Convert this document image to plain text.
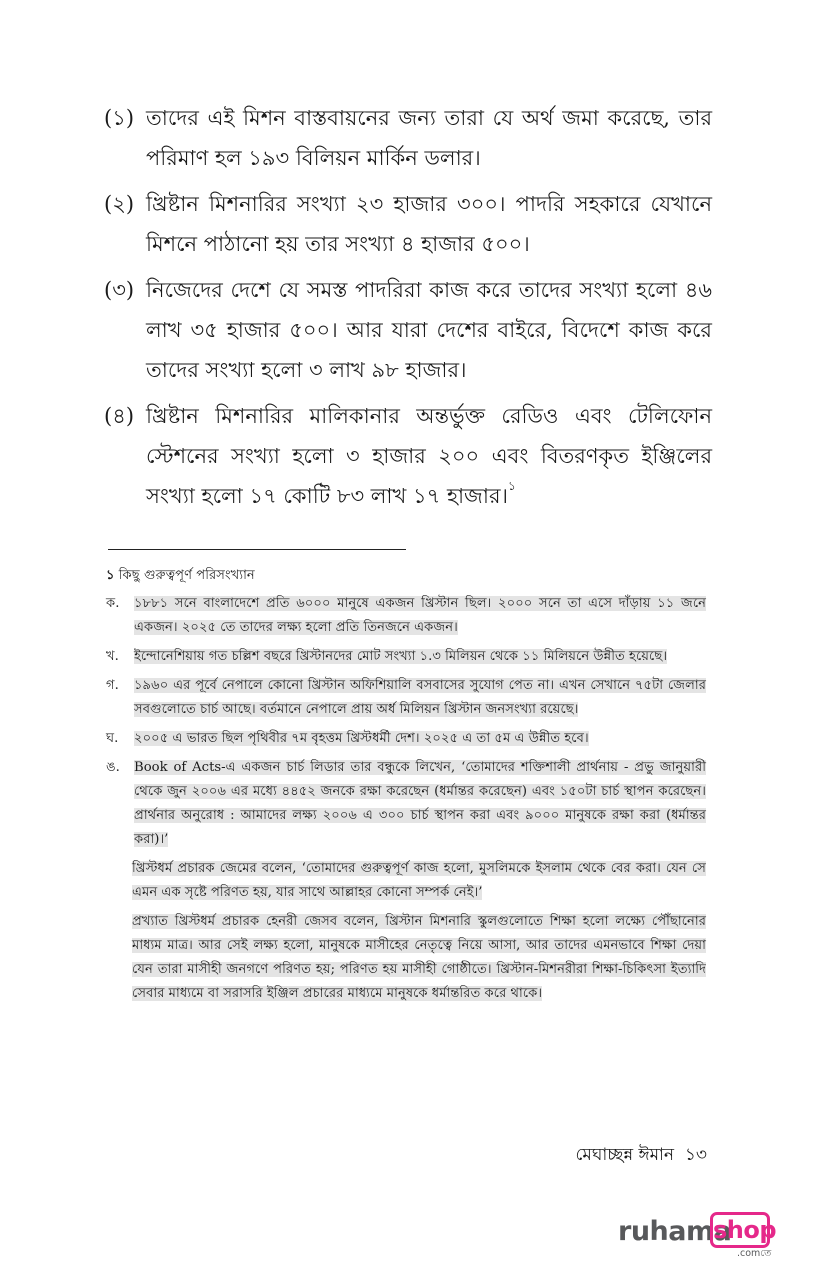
(১) তাদের এই মিশন বাস্তবায়নের জন্য তারা যে অর্থ জমা করেছে, তার পরিমাণ হল ১৯৩ বিলিয়ন মার্কিন ডলার।
(২) খ্রিষ্টান মিশনারির সংখ্যা ২৩ হাজার ৩০০। পাদরি সহকারে যেখানে মিশনে পাঠানো হয় তার সংখ্যা ৪ হাজার ৫০০।
(৩) নিজেদের দেশে যে সমস্ত পাদরিরা কাজ করে তাদের সংখ্যা হলো ৪৬ লাখ ৩৫ হাজার ৫০০। আর যারা দেশের বাইরে, বিদেশে কাজ করে তাদের সংখ্যা হলো ৩ লাখ ৯৮ হাজার।
(৪) খ্রিষ্টান মিশনারির মালিকানার অন্তর্ভুক্ত রেডিও এবং টেলিফোন স্টেশনের সংখ্যা হলো ৩ হাজার ২০০ এবং বিতরণকৃত ইঞ্জিলের সংখ্যা হলো ১৭ কোটি ৮৩ লাখ ১৭ হাজার।$^১$
১ কিছু গুরুত্বপূর্ণ পরিসংখ্যান
ক. ১৮৮১ সনে বাংলাদেশে প্রতি ৬০০০ মানুষে একজন খ্রিস্টান ছিল। ২০০০ সনে তা এসে দাঁড়ায় ১১ জনে একজন। ২০২৫ তে তাদের লক্ষ্য হলো প্রতি তিনজনে একজন।
খ. ইন্দোনেশিয়ায় গত চল্লিশ বছরে খ্রিস্টানদের মোট সংখ্যা ১.৩ মিলিয়ন থেকে ১১ মিলিয়নে উন্নীত হয়েছে।
গ. ১৯৬০ এর পূর্বে নেপালে কোনো খ্রিস্টান অফিশিয়ালি বসবাসের সুযোগ পেত না। এখন সেখানে ৭৫টা জেলার সবগুলোতে চার্চ আছে। বর্তমানে নেপালে প্রায় অর্ধ মিলিয়ন খ্রিস্টান জনসংখ্যা রয়েছে।
ঘ. ২০০৫ এ ভারত ছিল পৃথিবীর ৭ম বৃহত্তম খ্রিস্টধর্মী দেশ। ২০২৫ এ তা ৫ম এ উন্নীত হবে।
ঙ. Book of Acts-এ একজন চার্চ লিডার তার বন্ধুকে লিখেন, ‘তোমাদের শক্তিশালী প্রার্থনায় - প্রভু জানুয়ারী থেকে জুন ২০০৬ এর মধ্যে ৪৪৫২ জনকে রক্ষা করেছেন (ধর্মান্তর করেছেন) এবং ১৫০টা চার্চ স্থাপন করেছেন। প্রার্থনার অনুরোধ : আমাদের লক্ষ্য ২০০৬ এ ৩০০ চার্চ স্থাপন করা এবং ৯০০০ মানুষকে রক্ষা করা (ধর্মান্তর করা)।’
খ্রিস্টধর্ম প্রচারক জেমের বলেন, ‘তোমাদের গুরুত্বপূর্ণ কাজ হলো, মুসলিমকে ইসলাম থেকে বের করা। যেন সে এমন এক সৃষ্টে পরিণত হয়, যার সাথে আল্লাহর কোনো সম্পর্ক নেই।’
প্রখ্যাত খ্রিস্টধর্ম প্রচারক হেনরী জেসব বলেন, খ্রিস্টান মিশনারি স্কুলগুলোতে শিক্ষা হলো লক্ষ্যে পৌঁছানোর মাধ্যম মাত্র। আর সেই লক্ষ্য হলো, মানুষকে মাসীহের নেতৃত্বে নিয়ে আসা, আর তাদের এমনভাবে শিক্ষা দেয়া যেন তারা মাসীহী জনগণে পরিণত হয়; পরিণত হয় মাসীহী গোষ্ঠীতে। খ্রিস্টান-মিশনরীরা শিক্ষা-চিকিৎসা ইত্যাদি সেবার মাধ্যমে বা সরাসরি ইঞ্জিল প্রচারের মাধ্যমে মানুষকে ধর্মান্তরিত করে থাকে।
মেঘাচ্ছন্ন ঈমান ১৩
ruhama
shop
.comতে
